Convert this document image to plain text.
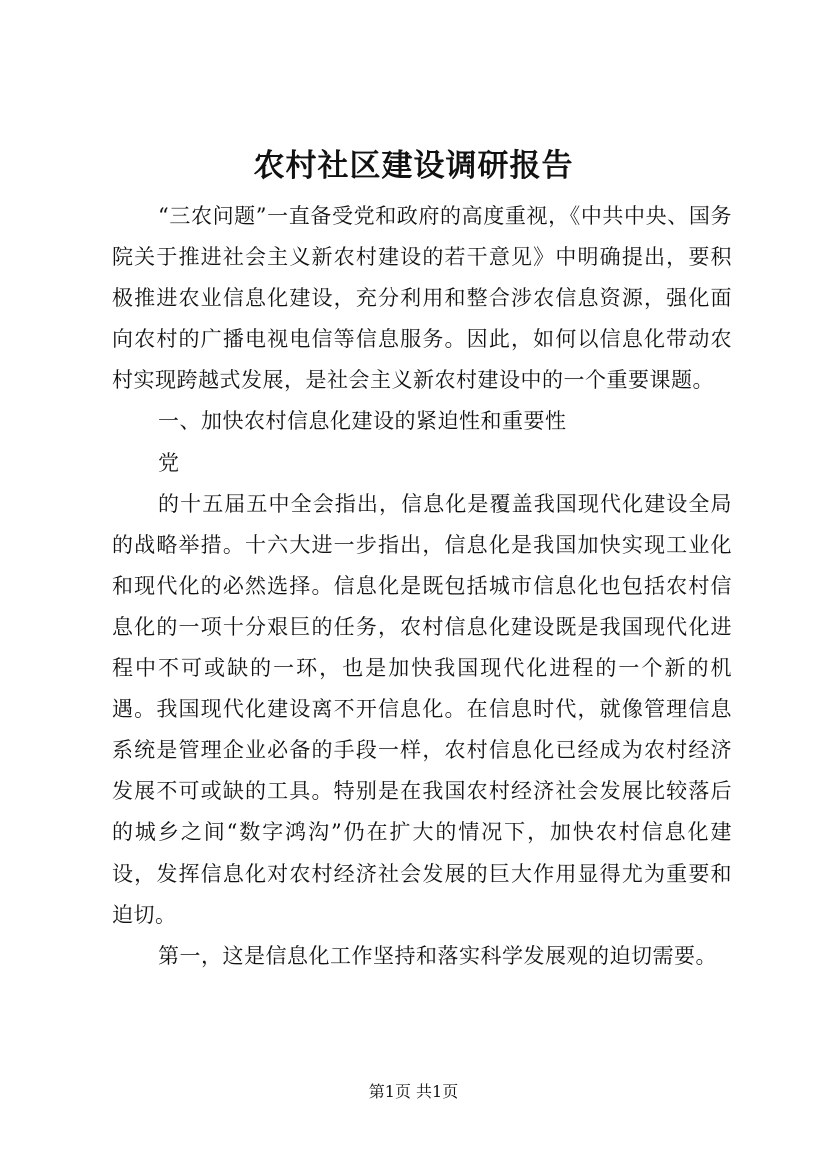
农村社区建设调研报告

“三农问题”一直备受党和政府的高度重视，《中共中央、国务院关于推进社会主义新农村建设的若干意见》中明确提出，要积极推进农业信息化建设，充分利用和整合涉农信息资源，强化面向农村的广播电视电信等信息服务。因此，如何以信息化带动农村实现跨越式发展，是社会主义新农村建设中的一个重要课题。

一、加快农村信息化建设的紧迫性和重要性

党

的十五届五中全会指出，信息化是覆盖我国现代化建设全局的战略举措。十六大进一步指出，信息化是我国加快实现工业化和现代化的必然选择。信息化是既包括城市信息化也包括农村信息化的一项十分艰巨的任务，农村信息化建设既是我国现代化进程中不可或缺的一环，也是加快我国现代化进程的一个新的机遇。我国现代化建设离不开信息化。在信息时代，就像管理信息系统是管理企业必备的手段一样，农村信息化已经成为农村经济发展不可或缺的工具。特别是在我国农村经济社会发展比较落后的城乡之间“数字鸿沟”仍在扩大的情况下，加快农村信息化建设，发挥信息化对农村经济社会发展的巨大作用显得尤为重要和迫切。

第一，这是信息化工作坚持和落实科学发展观的迫切需要。

第1页 共1页
